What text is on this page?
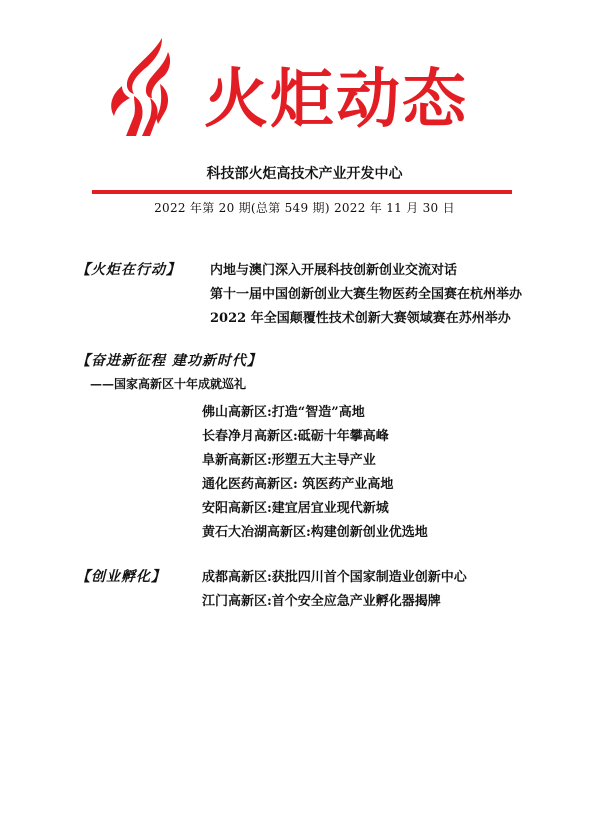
火炬动态
科技部火炬高技术产业开发中心
2022 年第 20 期(总第 549 期) 2022 年 11 月 30 日
【火炬在行动】 内地与澳门深入开展科技创新创业交流对话
第十一届中国创新创业大赛生物医药全国赛在杭州举办
2022 年全国颠覆性技术创新大赛领域赛在苏州举办
【奋进新征程 建功新时代】
——国家高新区十年成就巡礼
佛山高新区:打造“智造”高地
长春净月高新区:砥砺十年攀高峰
阜新高新区:形塑五大主导产业
通化医药高新区: 筑医药产业高地
安阳高新区:建宜居宜业现代新城
黄石大冶湖高新区:构建创新创业优选地
【创业孵化】	成都高新区:获批四川首个国家制造业创新中心
江门高新区:首个安全应急产业孵化器揭牌
